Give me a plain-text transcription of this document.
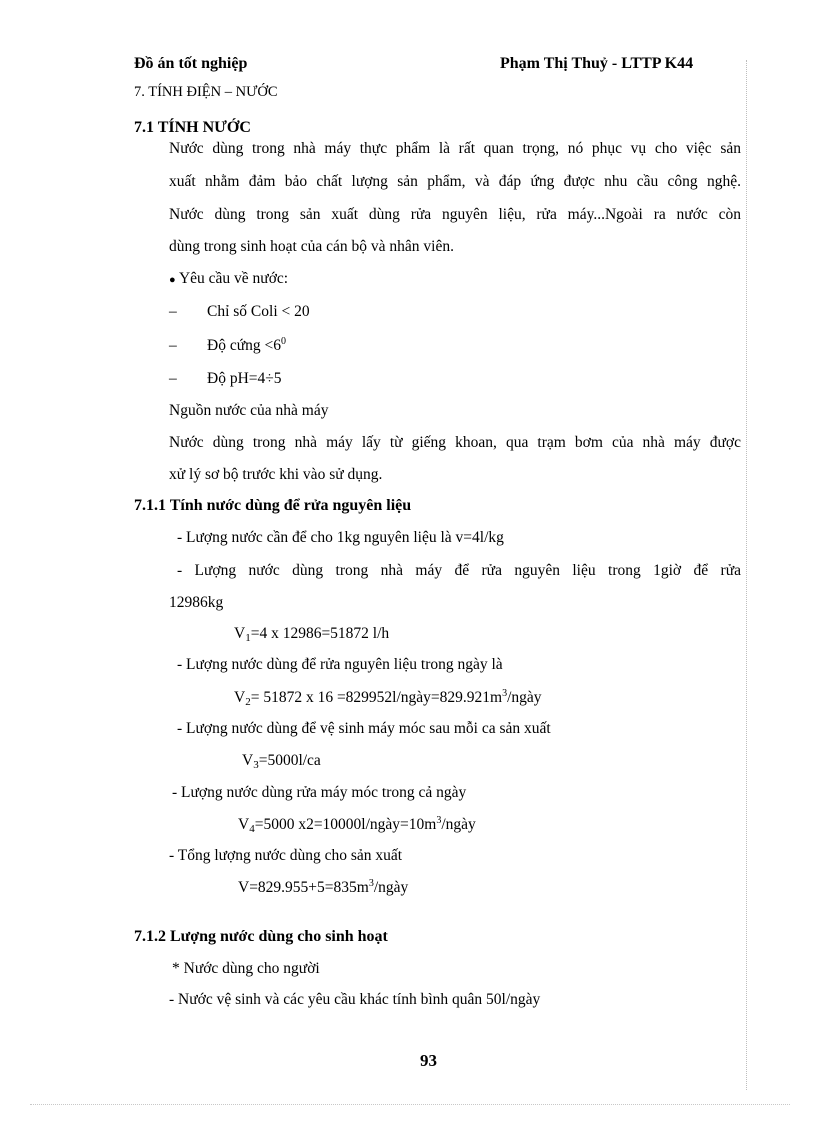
Đồ án tốt nghiệp	Phạm Thị Thuỷ - LTTP K44
7. TÍNH ĐIỆN – NƯỚC
7.1 TÍNH NƯỚC
Nước dùng trong nhà máy thực phẩm là rất quan trọng, nó phục vụ cho việc sản
xuất nhằm đảm bảo chất lượng sản phẩm, và đáp ứng được nhu cầu công nghệ.
Nước dùng trong sản xuất dùng rửa nguyên liệu, rửa máy...Ngoài ra nước còn
dùng trong sinh hoạt của cán bộ và nhân viên.
● Yêu cầu về nước:
– Chỉ số Coli < 20
– Độ cứng $<6^0$
– Độ pH=4÷5
Nguồn nước của nhà máy
Nước dùng trong nhà máy lấy từ giếng khoan, qua trạm bơm của nhà máy được
xử lý sơ bộ trước khi vào sử dụng.
7.1.1 Tính nước dùng để rửa nguyên liệu
- Lượng nước cần để cho 1kg nguyên liệu là v=4l/kg
- Lượng nước dùng trong nhà máy để rửa nguyên liệu trong 1giờ để rửa
12986kg
$V_1=4$ x 12986=51872 l/h
- Lượng nước dùng để rửa nguyên liệu trong ngày là
$V_2= 51872$ x $16 =829952l/ngày=829.921m^3$/ngày
- Lượng nước dùng để vệ sinh máy móc sau mỗi ca sản xuất
$V_3=5000l/ca$
- Lượng nước dùng rửa máy móc trong cả ngày
$V_4=5000$ $x2=10000l/ngày=10m^3$/ngày
- Tổng lượng nước dùng cho sản xuất
$V=829.955+5=835m^3$/ngày
7.1.2 Lượng nước dùng cho sinh hoạt
* Nước dùng cho người
- Nước vệ sinh và các yêu cầu khác tính bình quân 50l/ngày
93
